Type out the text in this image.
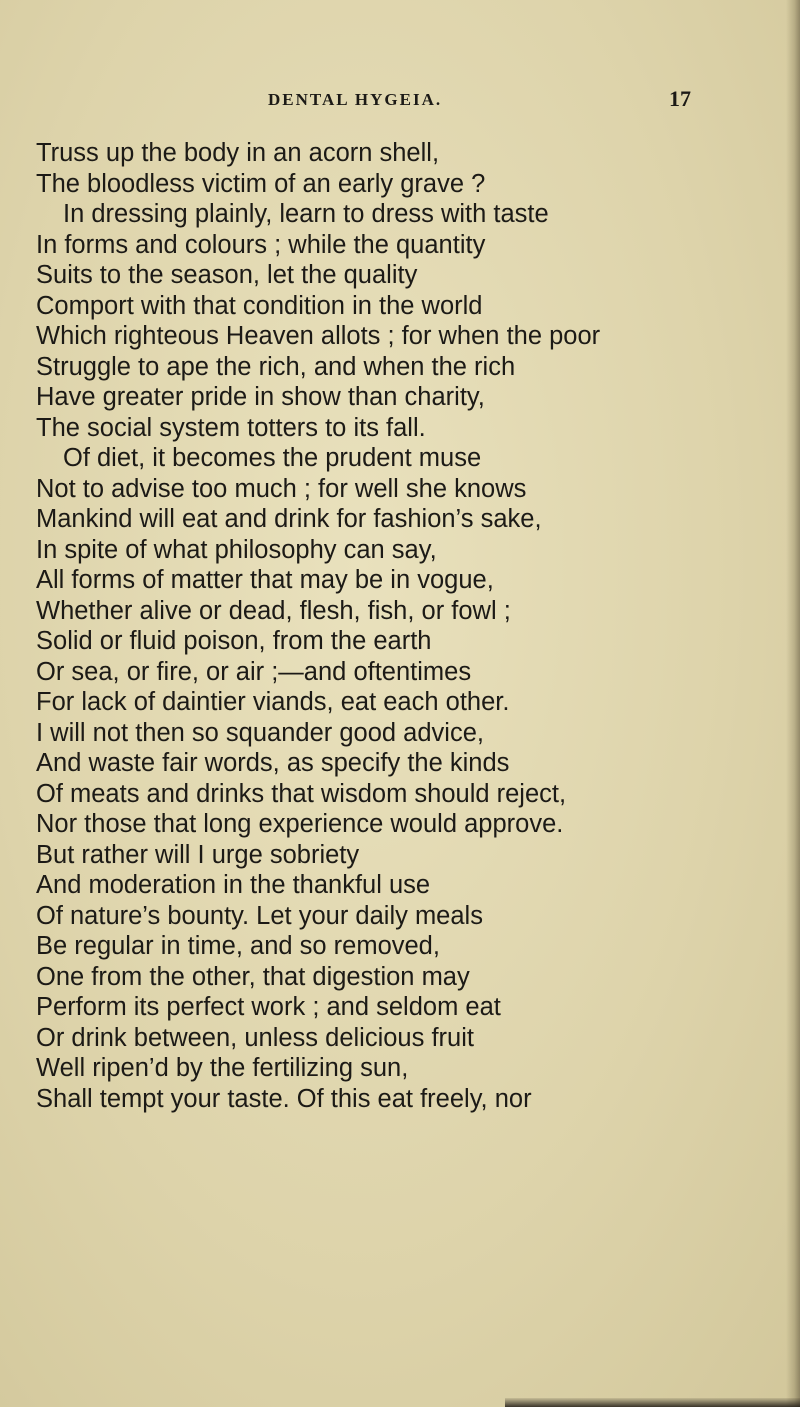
DENTAL HYGEIA.	17
Truss up the body in an acorn shell,
The bloodless victim of an early grave ?
In dressing plainly, learn to dress with taste
In forms and colours ; while the quantity
Suits to the season, let the quality
Comport with that condition in the world
Which righteous Heaven allots ; for when the poor
Struggle to ape the rich, and when the rich
Have greater pride in show than charity,
The social system totters to its fall.
Of diet, it becomes the prudent muse
Not to advise too much ; for well she knows
Mankind will eat and drink for fashion’s sake,
In spite of what philosophy can say,
All forms of matter that may be in vogue,
Whether alive or dead, flesh, fish, or fowl ;
Solid or fluid poison, from the earth
Or sea, or fire, or air ;—and oftentimes
For lack of daintier viands, eat each other.
I will not then so squander good advice,
And waste fair words, as specify the kinds
Of meats and drinks that wisdom should reject,
Nor those that long experience would approve.
But rather will I urge sobriety
And moderation in the thankful use
Of nature’s bounty. Let your daily meals
Be regular in time, and so removed,
One from the other, that digestion may
Perform its perfect work ; and seldom eat
Or drink between, unless delicious fruit
Well ripen’d by the fertilizing sun,
Shall tempt your taste. Of this eat freely, nor
